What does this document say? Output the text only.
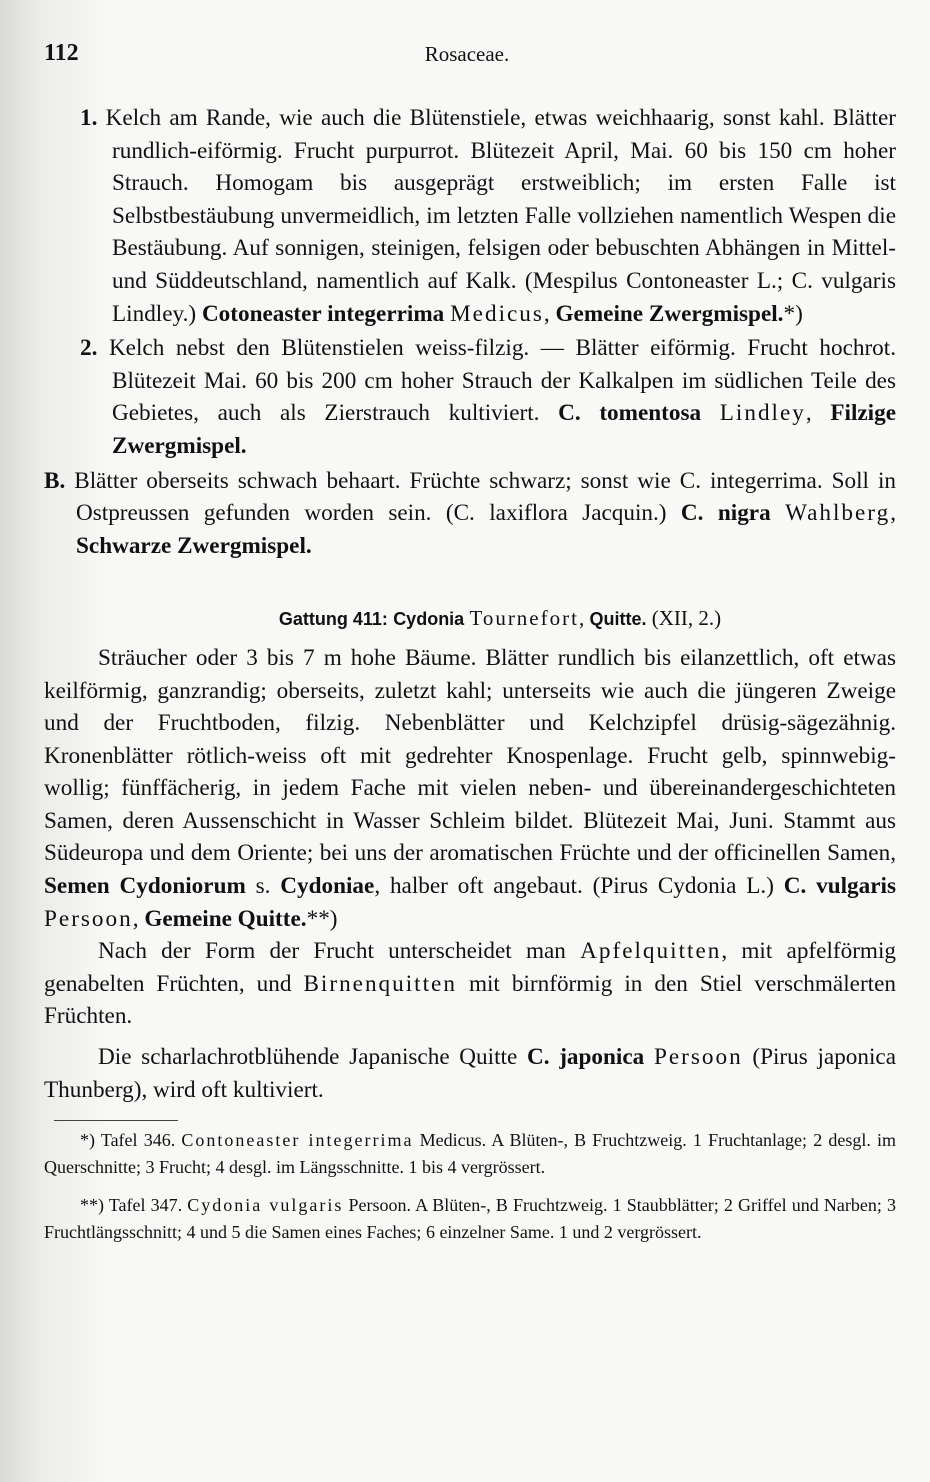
112	Rosaceae.

1. Kelch am Rande, wie auch die Blütenstiele, etwas weichhaarig, sonst kahl. Blätter rundlich-eiförmig. Frucht purpurrot. Blütezeit April, Mai. 60 bis 150 cm hoher Strauch. Homogam bis ausgeprägt erstweiblich; im ersten Falle ist Selbstbestäubung unvermeidlich, im letzten Falle vollziehen namentlich Wespen die Bestäubung. Auf sonnigen, steinigen, felsigen oder bebuschten Abhängen in Mittel- und Süddeutschland, namentlich auf Kalk. (Mespilus Contoneaster L.; C. vulgaris Lindley.) Cotoneaster integerrima Medicus, Gemeine Zwergmispel.*)

2. Kelch nebst den Blütenstielen weiss-filzig. — Blätter eiförmig. Frucht hochrot. Blütezeit Mai. 60 bis 200 cm hoher Strauch der Kalkalpen im südlichen Teile des Gebietes, auch als Zierstrauch kultiviert. C. tomentosa Lindley, Filzige Zwergmispel.

B. Blätter oberseits schwach behaart. Früchte schwarz; sonst wie C. integerrima. Soll in Ostpreussen gefunden worden sein. (C. laxiflora Jacquin.) C. nigra Wahlberg, Schwarze Zwergmispel.

Gattung 411: Cydonia Tournefort, Quitte. (XII, 2.)

Sträucher oder 3 bis 7 m hohe Bäume. Blätter rundlich bis eilanzettlich, oft etwas keilförmig, ganzrandig; oberseits, zuletzt kahl; unterseits wie auch die jüngeren Zweige und der Fruchtboden, filzig. Nebenblätter und Kelchzipfel drüsig-sägezähnig. Kronenblätter rötlich-weiss oft mit gedrehter Knospenlage. Frucht gelb, spinnwebig-wollig; fünffächerig, in jedem Fache mit vielen neben- und übereinandergeschichteten Samen, deren Aussenschicht in Wasser Schleim bildet. Blütezeit Mai, Juni. Stammt aus Südeuropa und dem Oriente; bei uns der aromatischen Früchte und der officinellen Samen, Semen Cydoniorum s. Cydoniae, halber oft angebaut. (Pirus Cydonia L.) C. vulgaris Persoon, Gemeine Quitte.**)

Nach der Form der Frucht unterscheidet man Apfelquitten, mit apfelförmig genabelten Früchten, und Birnenquitten mit birnförmig in den Stiel verschmälerten Früchten.

Die scharlachrotblühende Japanische Quitte C. japonica Persoon (Pirus japonica Thunberg), wird oft kultiviert.

*) Tafel 346. Contoneaster integerrima Medicus. A Blüten-, B Fruchtzweig. 1 Fruchtanlage; 2 desgl. im Querschnitte; 3 Frucht; 4 desgl. im Längsschnitte. 1 bis 4 vergrössert.

**) Tafel 347. Cydonia vulgaris Persoon. A Blüten-, B Fruchtzweig. 1 Staubblätter; 2 Griffel und Narben; 3 Fruchtlängsschnitt; 4 und 5 die Samen eines Faches; 6 einzelner Same. 1 und 2 vergrössert.
